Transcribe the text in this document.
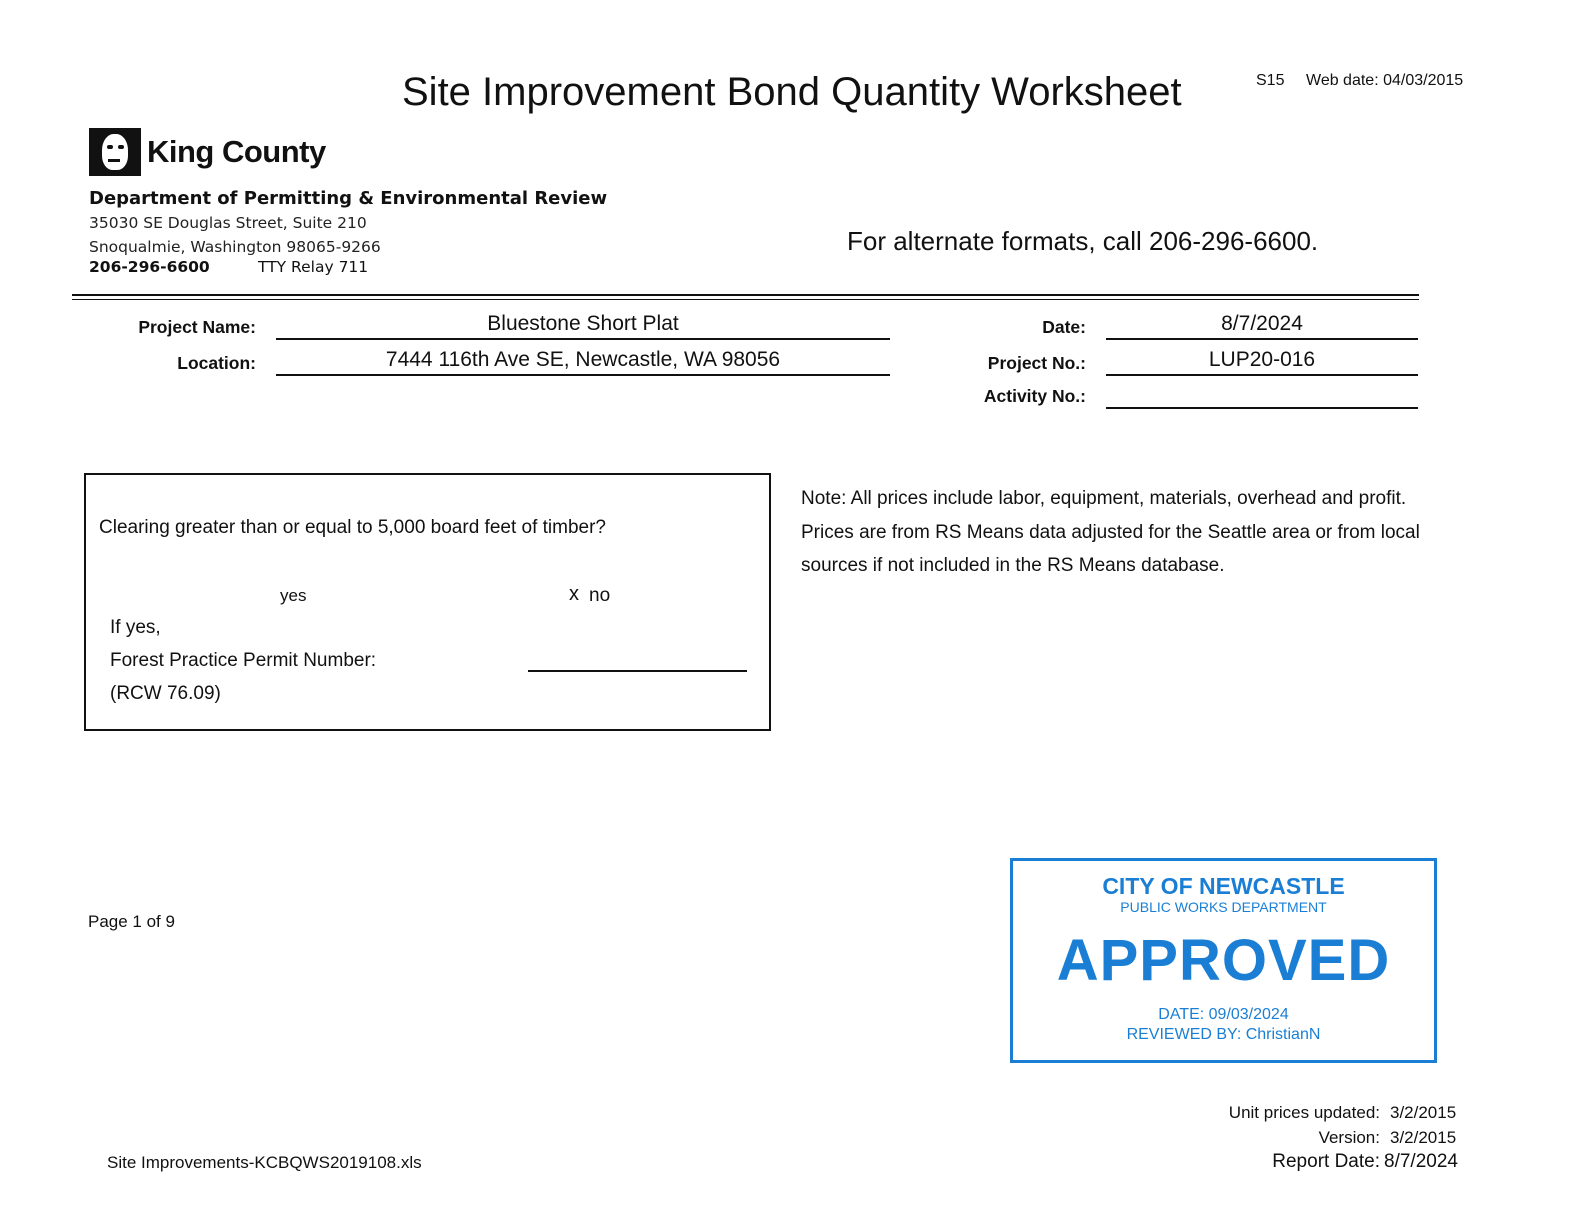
Site Improvement Bond Quantity Worksheet	S15 Web date: 04/03/2015
King County
Department of Permitting & Environmental Review
35030 SE Douglas Street, Suite 210
Snoqualmie, Washington 98065-9266
206-296-6600	TTY Relay 711
For alternate formats, call 206-296-6600.
Project Name:	Bluestone Short Plat
Location:	7444 116th Ave SE, Newcastle, WA 98056
Date:	8/7/2024
Project No.:	LUP20-016
Activity No.:
Clearing greater than or equal to 5,000 board feet of timber?
yes	x no
If yes,
Forest Practice Permit Number:
(RCW 76.09)
Note: All prices include labor, equipment, materials, overhead and profit. Prices are from RS Means data adjusted for the Seattle area or from local sources if not included in the RS Means database.
Page 1 of 9
CITY OF NEWCASTLE
PUBLIC WORKS DEPARTMENT
APPROVED
DATE: 09/03/2024
REVIEWED BY: ChristianN
Unit prices updated: 3/2/2015
Version: 3/2/2015
Report Date: 8/7/2024
Site Improvements-KCBQWS2019108.xls
